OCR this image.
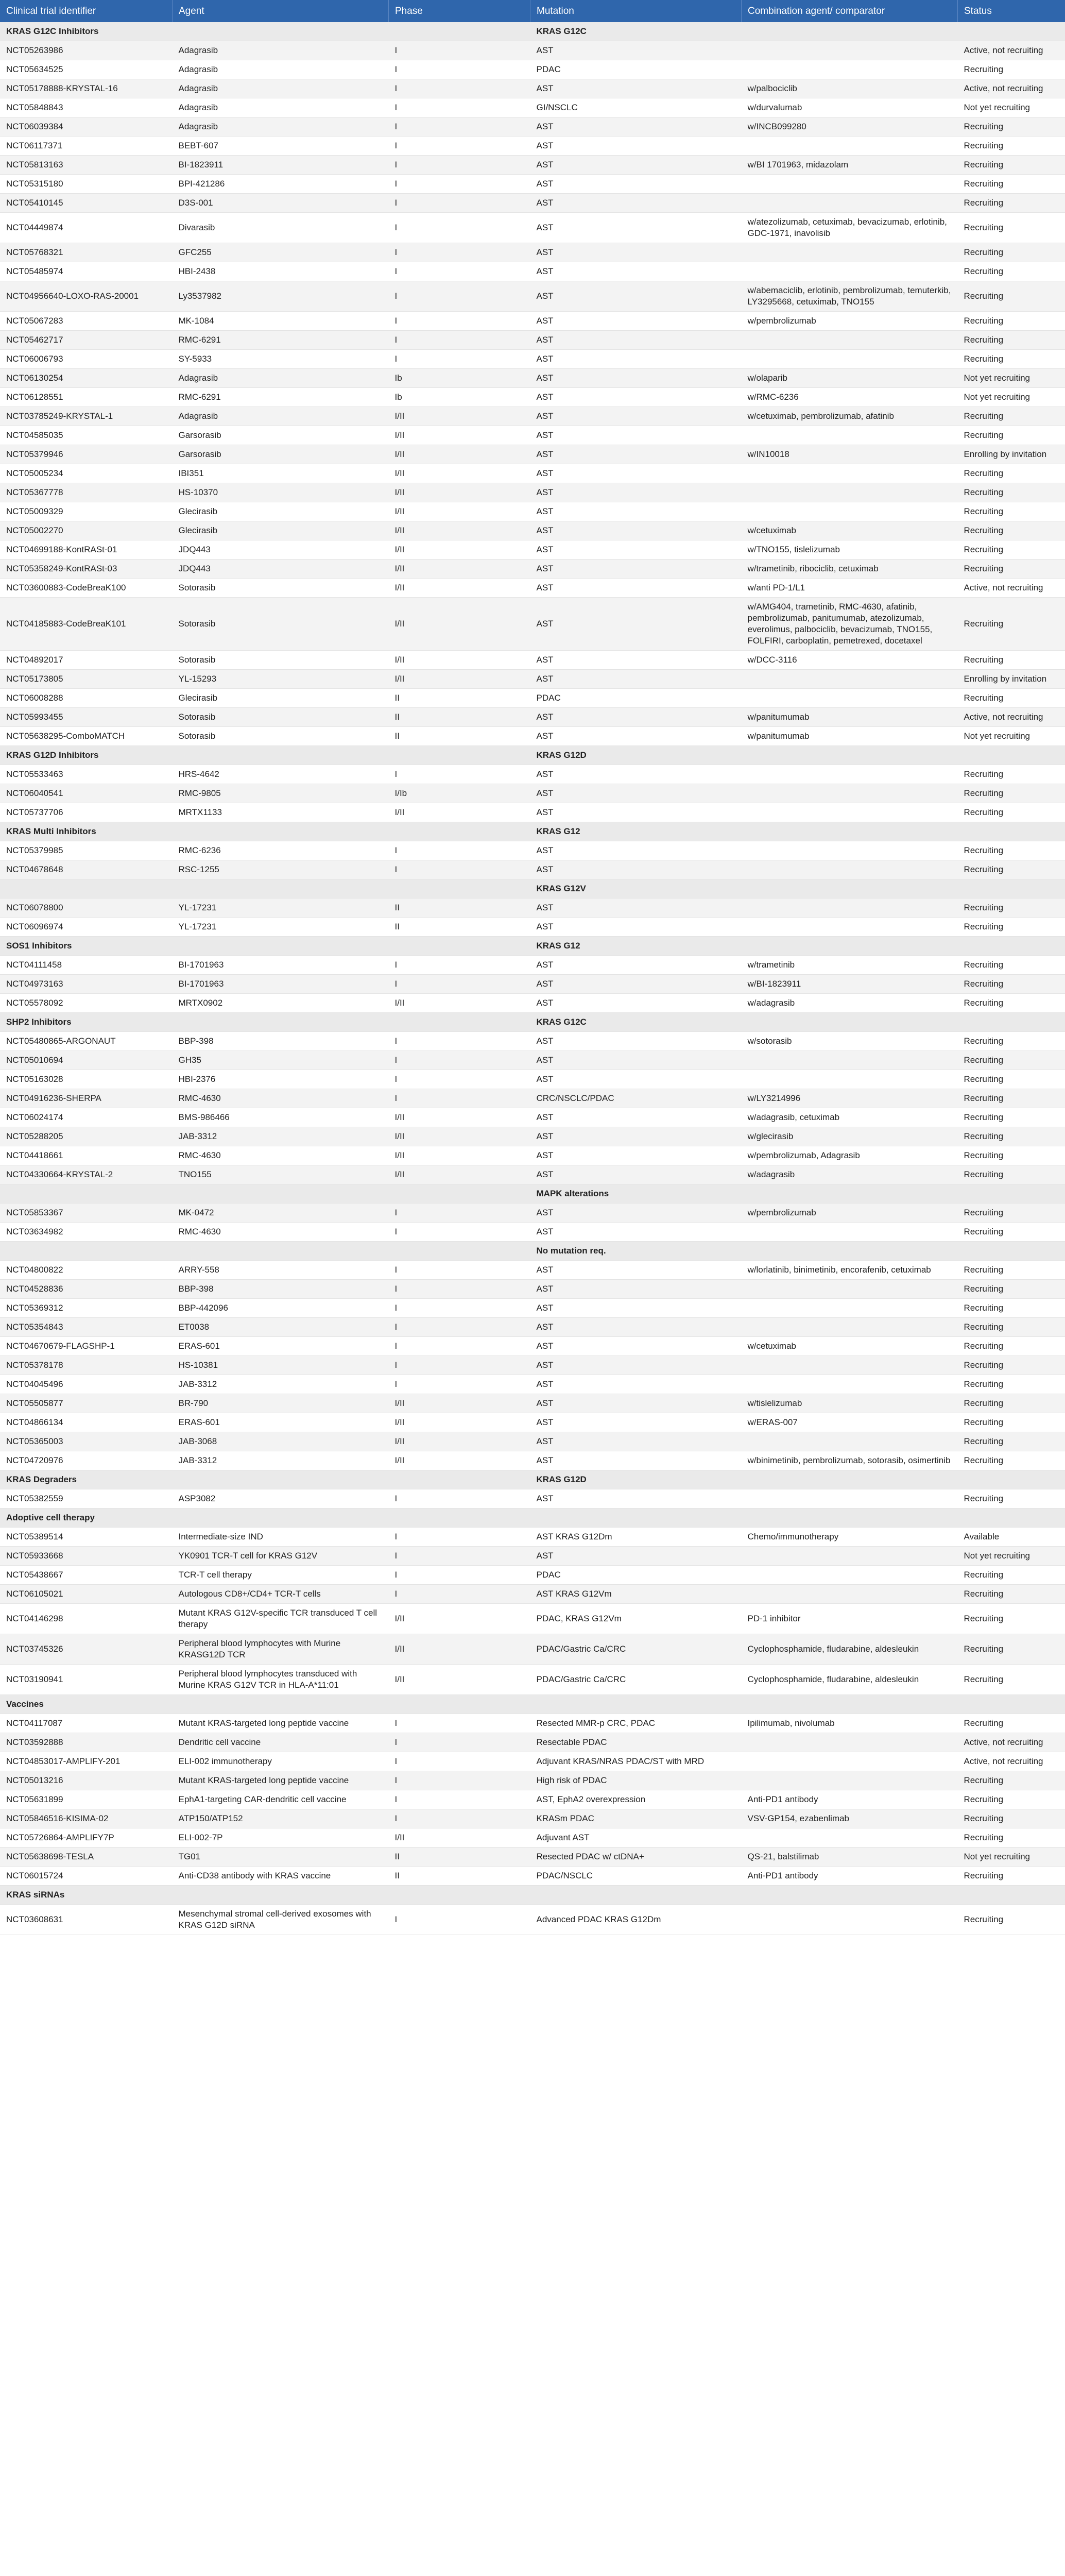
Clinical trial identifier	Agent	Phase	Mutation	Combination agent/ comparator	Status
KRAS G12C Inhibitors			KRAS G12C		
NCT05263986	Adagrasib	I	AST		Active, not recruiting
NCT05634525	Adagrasib	I	PDAC		Recruiting
NCT05178888-KRYSTAL-16	Adagrasib	I	AST	w/palbociclib	Active, not recruiting
NCT05848843	Adagrasib	I	GI/NSCLC	w/durvalumab	Not yet recruiting
NCT06039384	Adagrasib	I	AST	w/INCB099280	Recruiting
NCT06117371	BEBT-607	I	AST		Recruiting
NCT05813163	BI-1823911	I	AST	w/BI 1701963, midazolam	Recruiting
NCT05315180	BPI-421286	I	AST		Recruiting
NCT05410145	D3S-001	I	AST		Recruiting
NCT04449874	Divarasib	I	AST	w/atezolizumab, cetuximab, bevacizumab, erlotinib, GDC-1971, inavolisib	Recruiting
NCT05768321	GFC255	I	AST		Recruiting
NCT05485974	HBI-2438	I	AST		Recruiting
NCT04956640-LOXO-RAS-20001	Ly3537982	I	AST	w/abemaciclib, erlotinib, pembrolizumab, temuterkib, LY3295668, cetuximab, TNO155	Recruiting
NCT05067283	MK-1084	I	AST	w/pembrolizumab	Recruiting
NCT05462717	RMC-6291	I	AST		Recruiting
NCT06006793	SY-5933	I	AST		Recruiting
NCT06130254	Adagrasib	Ib	AST	w/olaparib	Not yet recruiting
NCT06128551	RMC-6291	Ib	AST	w/RMC-6236	Not yet recruiting
NCT03785249-KRYSTAL-1	Adagrasib	I/II	AST	w/cetuximab, pembrolizumab, afatinib	Recruiting
NCT04585035	Garsorasib	I/II	AST		Recruiting
NCT05379946	Garsorasib	I/II	AST	w/IN10018	Enrolling by invitation
NCT05005234	IBI351	I/II	AST		Recruiting
NCT05367778	HS-10370	I/II	AST		Recruiting
NCT05009329	Glecirasib	I/II	AST		Recruiting
NCT05002270	Glecirasib	I/II	AST	w/cetuximab	Recruiting
NCT04699188-KontRASt-01	JDQ443	I/II	AST	w/TNO155, tislelizumab	Recruiting
NCT05358249-KontRASt-03	JDQ443	I/II	AST	w/trametinib, ribociclib, cetuximab	Recruiting
NCT03600883-CodeBreaK100	Sotorasib	I/II	AST	w/anti PD-1/L1	Active, not recruiting
NCT04185883-CodeBreaK101	Sotorasib	I/II	AST	w/AMG404, trametinib, RMC-4630, afatinib, pembrolizumab, panitumumab, atezolizumab, everolimus, palbociclib, bevacizumab, TNO155, FOLFIRI, carboplatin, pemetrexed, docetaxel	Recruiting
NCT04892017	Sotorasib	I/II	AST	w/DCC-3116	Recruiting
NCT05173805	YL-15293	I/II	AST		Enrolling by invitation
NCT06008288	Glecirasib	II	PDAC		Recruiting
NCT05993455	Sotorasib	II	AST	w/panitumumab	Active, not recruiting
NCT05638295-ComboMATCH	Sotorasib	II	AST	w/panitumumab	Not yet recruiting
KRAS G12D Inhibitors			KRAS G12D		
NCT05533463	HRS-4642	I	AST		Recruiting
NCT06040541	RMC-9805	I/Ib	AST		Recruiting
NCT05737706	MRTX1133	I/II	AST		Recruiting
KRAS Multi Inhibitors			KRAS G12		
NCT05379985	RMC-6236	I	AST		Recruiting
NCT04678648	RSC-1255	I	AST		Recruiting
			KRAS G12V		
NCT06078800	YL-17231	II	AST		Recruiting
NCT06096974	YL-17231	II	AST		Recruiting
SOS1 Inhibitors			KRAS G12		
NCT04111458	BI-1701963	I	AST	w/trametinib	Recruiting
NCT04973163	BI-1701963	I	AST	w/BI-1823911	Recruiting
NCT05578092	MRTX0902	I/II	AST	w/adagrasib	Recruiting
SHP2 Inhibitors			KRAS G12C		
NCT05480865-ARGONAUT	BBP-398	I	AST	w/sotorasib	Recruiting
NCT05010694	GH35	I	AST		Recruiting
NCT05163028	HBI-2376	I	AST		Recruiting
NCT04916236-SHERPA	RMC-4630	I	CRC/NSCLC/PDAC	w/LY3214996	Recruiting
NCT06024174	BMS-986466	I/II	AST	w/adagrasib, cetuximab	Recruiting
NCT05288205	JAB-3312	I/II	AST	w/glecirasib	Recruiting
NCT04418661	RMC-4630	I/II	AST	w/pembrolizumab, Adagrasib	Recruiting
NCT04330664-KRYSTAL-2	TNO155	I/II	AST	w/adagrasib	Recruiting
			MAPK alterations		
NCT05853367	MK-0472	I	AST	w/pembrolizumab	Recruiting
NCT03634982	RMC-4630	I	AST		Recruiting
			No mutation req.		
NCT04800822	ARRY-558	I	AST	w/lorlatinib, binimetinib, encorafenib, cetuximab	Recruiting
NCT04528836	BBP-398	I	AST		Recruiting
NCT05369312	BBP-442096	I	AST		Recruiting
NCT05354843	ET0038	I	AST		Recruiting
NCT04670679-FLAGSHP-1	ERAS-601	I	AST	w/cetuximab	Recruiting
NCT05378178	HS-10381	I	AST		Recruiting
NCT04045496	JAB-3312	I	AST		Recruiting
NCT05505877	BR-790	I/II	AST	w/tislelizumab	Recruiting
NCT04866134	ERAS-601	I/II	AST	w/ERAS-007	Recruiting
NCT05365003	JAB-3068	I/II	AST		Recruiting
NCT04720976	JAB-3312	I/II	AST	w/binimetinib, pembrolizumab, sotorasib, osimertinib	Recruiting
KRAS Degraders			KRAS G12D		
NCT05382559	ASP3082	I	AST		Recruiting
Adoptive cell therapy					
NCT05389514	Intermediate-size IND	I	AST KRAS G12Dm	Chemo/immunotherapy	Available
NCT05933668	YK0901 TCR-T cell for KRAS G12V	I	AST		Not yet recruiting
NCT05438667	TCR-T cell therapy	I	PDAC		Recruiting
NCT06105021	Autologous CD8+/CD4+ TCR-T cells	I	AST KRAS G12Vm		Recruiting
NCT04146298	Mutant KRAS G12V-specific TCR transduced T cell therapy	I/II	PDAC, KRAS G12Vm	PD-1 inhibitor	Recruiting
NCT03745326	Peripheral blood lymphocytes with Murine KRASG12D TCR	I/II	PDAC/Gastric Ca/CRC	Cyclophosphamide, fludarabine, aldesleukin	Recruiting
NCT03190941	Peripheral blood lymphocytes transduced with Murine KRAS G12V TCR in HLA-A*11:01	I/II	PDAC/Gastric Ca/CRC	Cyclophosphamide, fludarabine, aldesleukin	Recruiting
Vaccines					
NCT04117087	Mutant KRAS-targeted long peptide vaccine	I	Resected MMR-p CRC, PDAC	Ipilimumab, nivolumab	Recruiting
NCT03592888	Dendritic cell vaccine	I	Resectable PDAC		Active, not recruiting
NCT04853017-AMPLIFY-201	ELI-002 immunotherapy	I	Adjuvant KRAS/NRAS PDAC/ST with MRD		Active, not recruiting
NCT05013216	Mutant KRAS-targeted long peptide vaccine	I	High risk of PDAC		Recruiting
NCT05631899	EphA1-targeting CAR-dendritic cell vaccine	I	AST, EphA2 overexpression	Anti-PD1 antibody	Recruiting
NCT05846516-KISIMA-02	ATP150/ATP152	I	KRASm PDAC	VSV-GP154, ezabenlimab	Recruiting
NCT05726864-AMPLIFY7P	ELI-002-7P	I/II	Adjuvant AST		Recruiting
NCT05638698-TESLA	TG01	II	Resected PDAC w/ ctDNA+	QS-21, balstilimab	Not yet recruiting
NCT06015724	Anti-CD38 antibody with KRAS vaccine	II	PDAC/NSCLC	Anti-PD1 antibody	Recruiting
KRAS siRNAs					
NCT03608631	Mesenchymal stromal cell-derived exosomes with KRAS G12D siRNA	I	Advanced PDAC KRAS G12Dm		Recruiting
